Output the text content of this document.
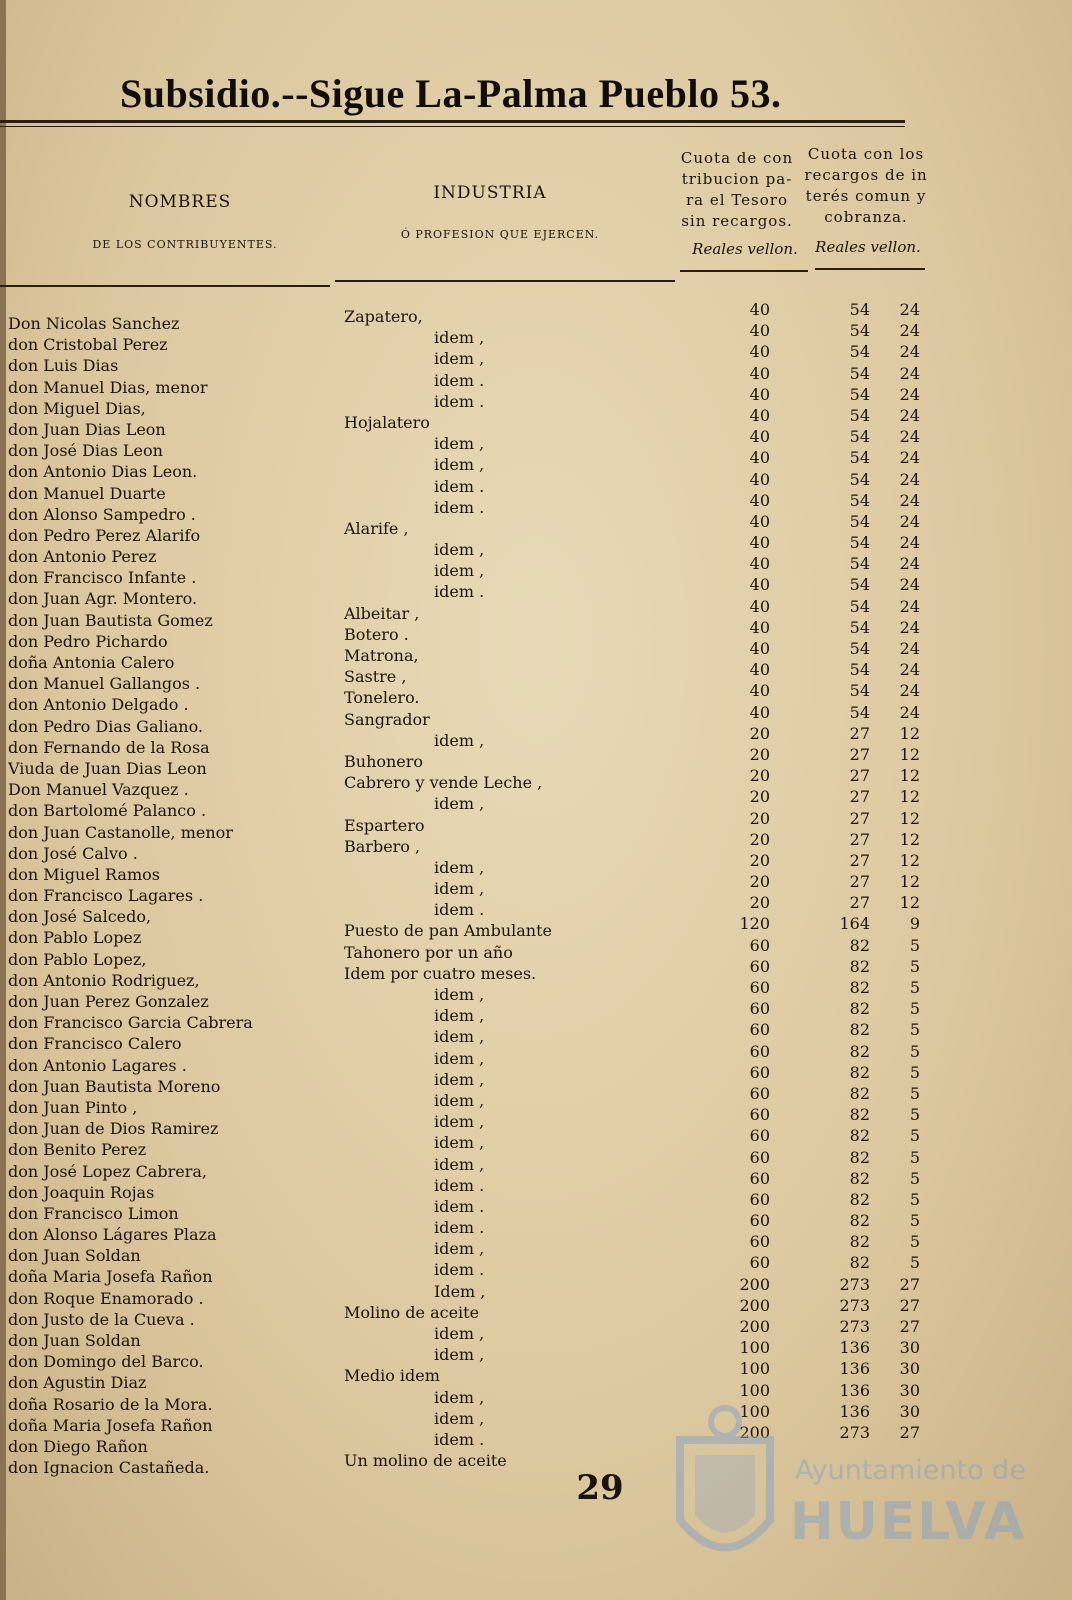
Subsidio.--Sigue La-Palma Pueblo 53.
NOMBRES
DE LOS CONTRIBUYENTES.
INDUSTRIA
Ó PROFESION QUE EJERCEN.
Cuota de con tribucion pa- ra el Tesoro sin recargos.
Cuota con los recargos de in terés comun y cobranza.
Reales vellon.	Reales vellon.
Don Nicolas Sanchez	Zapatero,	40	54	24
don Cristobal Perez	idem ,	40	54	24
don Luis Dias	idem ,	40	54	24
don Manuel Dias, menor	idem .	40	54	24
don Miguel Dias,	idem .	40	54	24
don Juan Dias Leon	Hojalatero	40	54	24
don José Dias Leon	idem ,	40	54	24
don Antonio Dias Leon.	idem ,	40	54	24
don Manuel Duarte	idem .	40	54	24
don Alonso Sampedro .	idem .	40	54	24
don Pedro Perez Alarifo	Alarife ,	40	54	24
don Antonio Perez	idem ,	40	54	24
don Francisco Infante .	idem ,	40	54	24
don Juan Agr. Montero.	idem .	40	54	24
don Juan Bautista Gomez	Albeitar ,	40	54	24
don Pedro Pichardo	Botero .	40	54	24
doña Antonia Calero	Matrona,	40	54	24
don Manuel Gallangos .	Sastre ,	40	54	24
don Antonio Delgado .	Tonelero.	40	54	24
don Pedro Dias Galiano.	Sangrador	40	54	24
don Fernando de la Rosa	idem ,	20	27	12
Viuda de Juan Dias Leon	Buhonero	20	27	12
Don Manuel Vazquez .	Cabrero y vende Leche ,	20	27	12
don Bartolomé Palanco .	idem ,	20	27	12
don Juan Castanolle, menor	Espartero	20	27	12
don José Calvo .	Barbero ,	20	27	12
don Miguel Ramos	idem ,	20	27	12
don Francisco Lagares .	idem ,	20	27	12
don José Salcedo,	idem .	20	27	12
don Pablo Lopez	Puesto de pan Ambulante	120	164	9
don Pablo Lopez,	Tahonero por un año	60	82	5
don Antonio Rodriguez,	Idem por cuatro meses.	60	82	5
don Juan Perez Gonzalez	idem ,	60	82	5
don Francisco Garcia Cabrera	idem ,	60	82	5
don Francisco Calero	idem ,	60	82	5
don Antonio Lagares .	idem ,	60	82	5
don Juan Bautista Moreno	idem ,	60	82	5
don Juan Pinto ,	idem ,	60	82	5
don Juan de Dios Ramirez	idem ,	60	82	5
don Benito Perez	idem ,	60	82	5
don José Lopez Cabrera,	idem ,	60	82	5
don Joaquin Rojas	idem .	60	82	5
don Francisco Limon	idem .	60	82	5
don Alonso Lágares Plaza	idem .	60	82	5
don Juan Soldan	idem ,	60	82	5
doña Maria Josefa Rañon	idem .	60	82	5
don Roque Enamorado .	Idem ,	200	273	27
don Justo de la Cueva .	Molino de aceite	200	273	27
don Juan Soldan	idem ,	200	273	27
don Domingo del Barco.	idem ,	100	136	30
don Agustin Diaz	Medio idem	100	136	30
doña Rosario de la Mora.	idem ,	100	136	30
doña Maria Josefa Rañon	idem ,	100	136	30
don Diego Rañon	idem .	200	273	27
don Ignacion Castañeda.	Un molino de aceite
29	Ayuntamiento de
HUELVA
